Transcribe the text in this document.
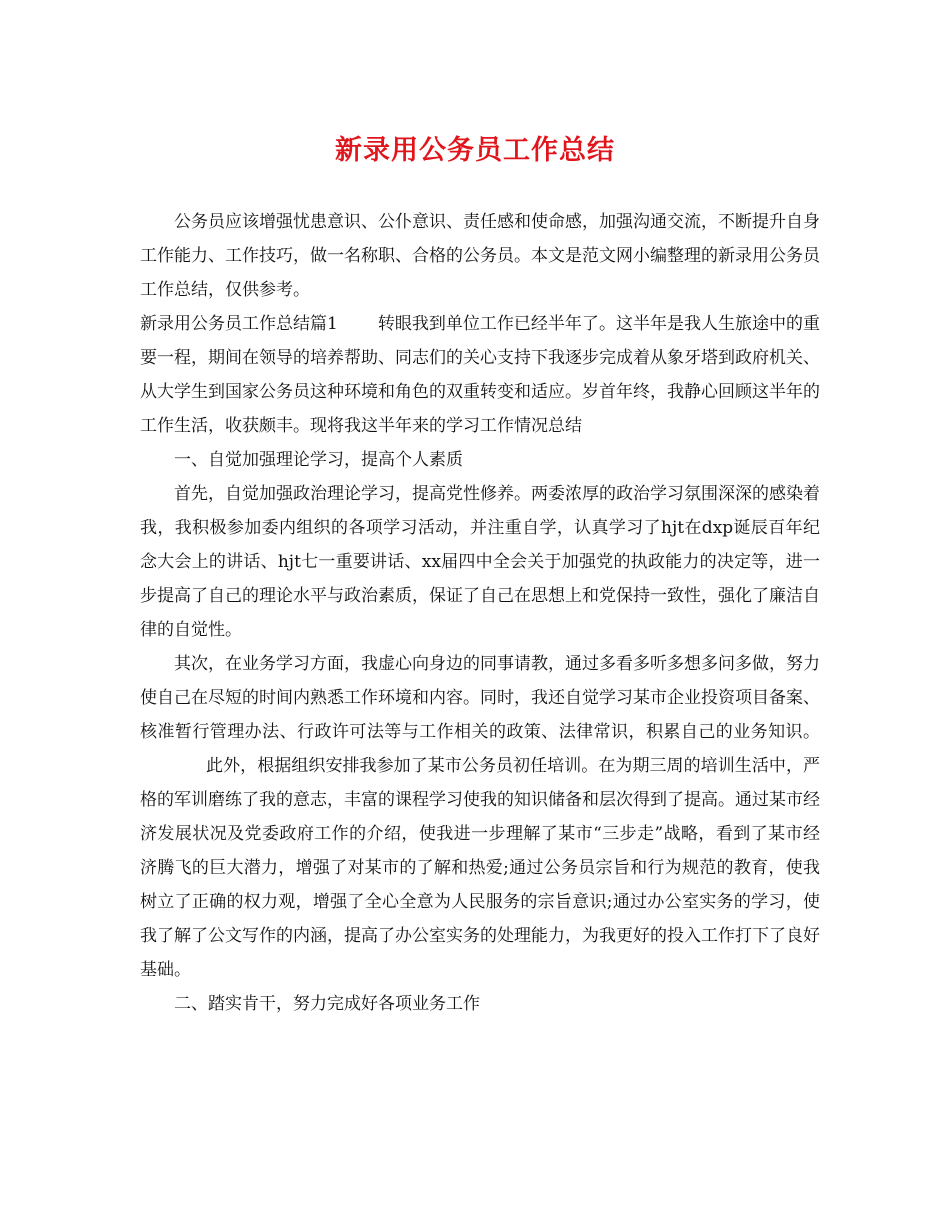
新录用公务员工作总结

公务员应该增强忧患意识、公仆意识、责任感和使命感，加强沟通交流，不断提升自身工作能力、工作技巧，做一名称职、合格的公务员。本文是范文网小编整理的新录用公务员工作总结，仅供参考。

新录用公务员工作总结篇1 转眼我到单位工作已经半年了。这半年是我人生旅途中的重要一程，期间在领导的培养帮助、同志们的关心支持下我逐步完成着从象牙塔到政府机关、从大学生到国家公务员这种环境和角色的双重转变和适应。岁首年终，我静心回顾这半年的工作生活，收获颇丰。现将我这半年来的学习工作情况总结

一、自觉加强理论学习，提高个人素质

首先，自觉加强政治理论学习，提高党性修养。两委浓厚的政治学习氛围深深的感染着我，我积极参加委内组织的各项学习活动，并注重自学，认真学习了hjt在dxp诞辰百年纪念大会上的讲话、hjt七一重要讲话、xx届四中全会关于加强党的执政能力的决定等，进一步提高了自己的理论水平与政治素质，保证了自己在思想上和党保持一致性，强化了廉洁自律的自觉性。

其次，在业务学习方面，我虚心向身边的同事请教，通过多看多听多想多问多做，努力使自己在尽短的时间内熟悉工作环境和内容。同时，我还自觉学习某市企业投资项目备案、核准暂行管理办法、行政许可法等与工作相关的政策、法律常识，积累自己的业务知识。此外，根据组织安排我参加了某市公务员初任培训。在为期三周的培训生活中，严格的军训磨练了我的意志，丰富的课程学习使我的知识储备和层次得到了提高。通过某市经济发展状况及党委政府工作的介绍，使我进一步理解了某市“三步走”战略，看到了某市经济腾飞的巨大潜力，增强了对某市的了解和热爱;通过公务员宗旨和行为规范的教育，使我树立了正确的权力观，增强了全心全意为人民服务的宗旨意识;通过办公室实务的学习，使我了解了公文写作的内涵，提高了办公室实务的处理能力，为我更好的投入工作打下了良好基础。

二、踏实肯干，努力完成好各项业务工作
